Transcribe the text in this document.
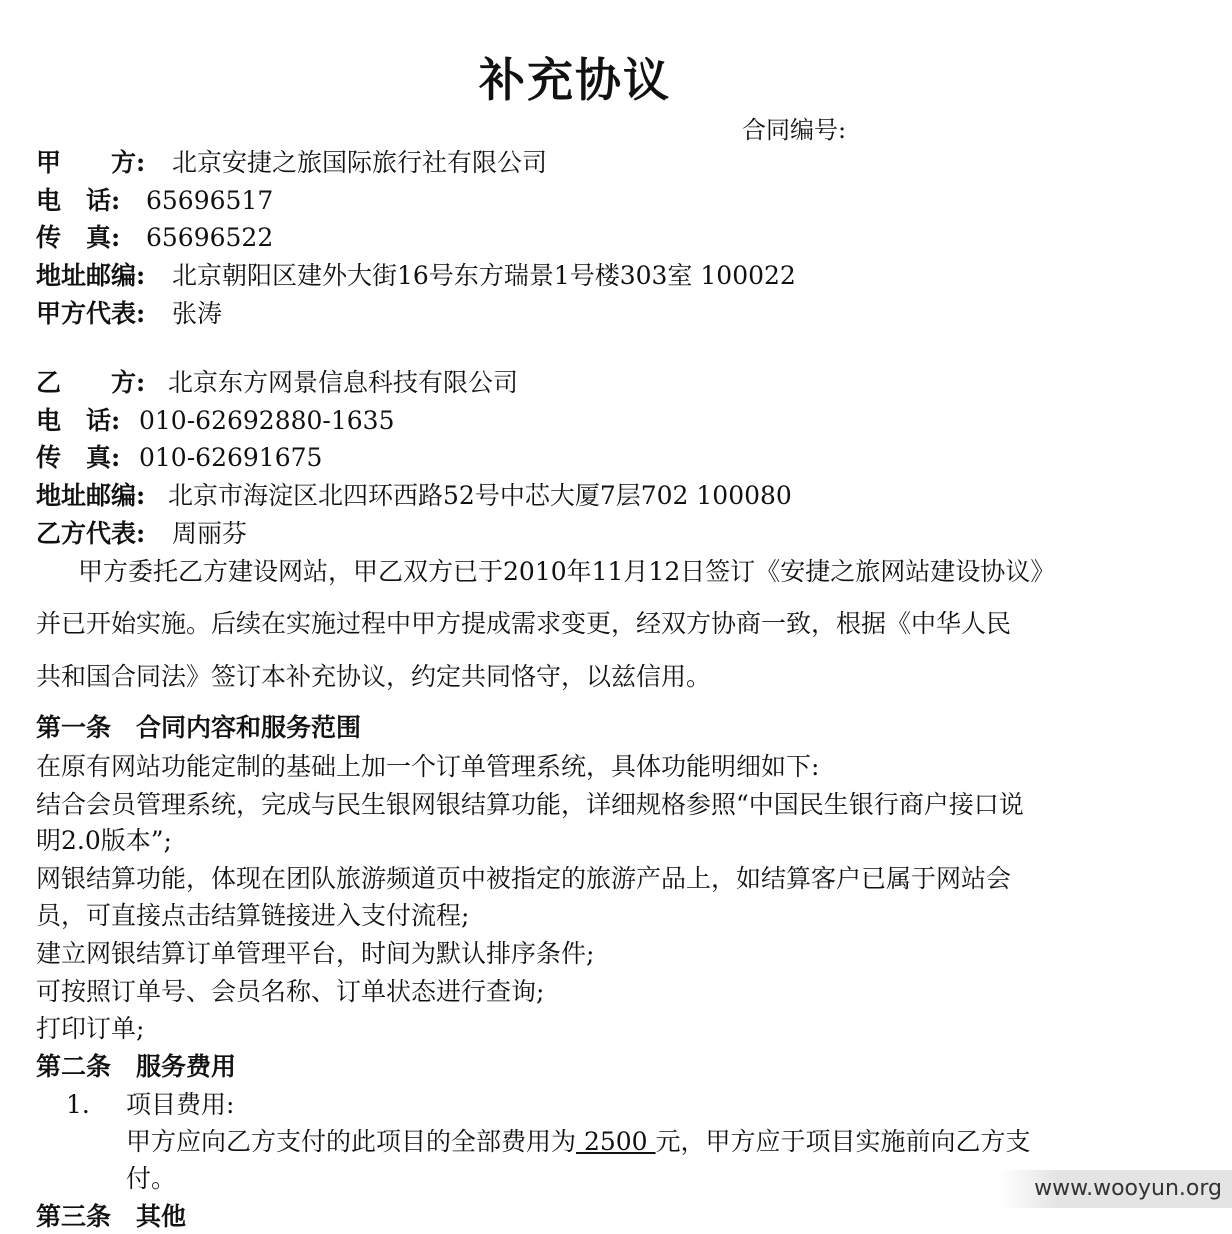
补充协议
合同编号:
甲　　方: 北京安捷之旅国际旅行社有限公司
电　话: 65696517
传　真: 65696522
地址邮编: 北京朝阳区建外大街16号东方瑞景1号楼303室 100022
甲方代表: 张涛
乙　　方: 北京东方网景信息科技有限公司
电　话: 010-62692880-1635
传　真: 010-62691675
地址邮编: 北京市海淀区北四环西路52号中芯大厦7层702 100080
乙方代表: 周丽芬
甲方委托乙方建设网站，甲乙双方已于2010年11月12日签订《安捷之旅网站建设协议》
并已开始实施。后续在实施过程中甲方提成需求变更，经双方协商一致，根据《中华人民
共和国合同法》签订本补充协议，约定共同恪守，以兹信用。
第一条　合同内容和服务范围
在原有网站功能定制的基础上加一个订单管理系统，具体功能明细如下:
结合会员管理系统，完成与民生银网银结算功能，详细规格参照“中国民生银行商户接口说
明2.0版本”;
网银结算功能，体现在团队旅游频道页中被指定的旅游产品上，如结算客户已属于网站会
员，可直接点击结算链接进入支付流程;
建立网银结算订单管理平台，时间为默认排序条件;
可按照订单号、会员名称、订单状态进行查询;
打印订单;
第二条　服务费用
1. 项目费用:
甲方应向乙方支付的此项目的全部费用为 2500 元，甲方应于项目实施前向乙方支
付。
第三条　其他
www.wooyun.org
